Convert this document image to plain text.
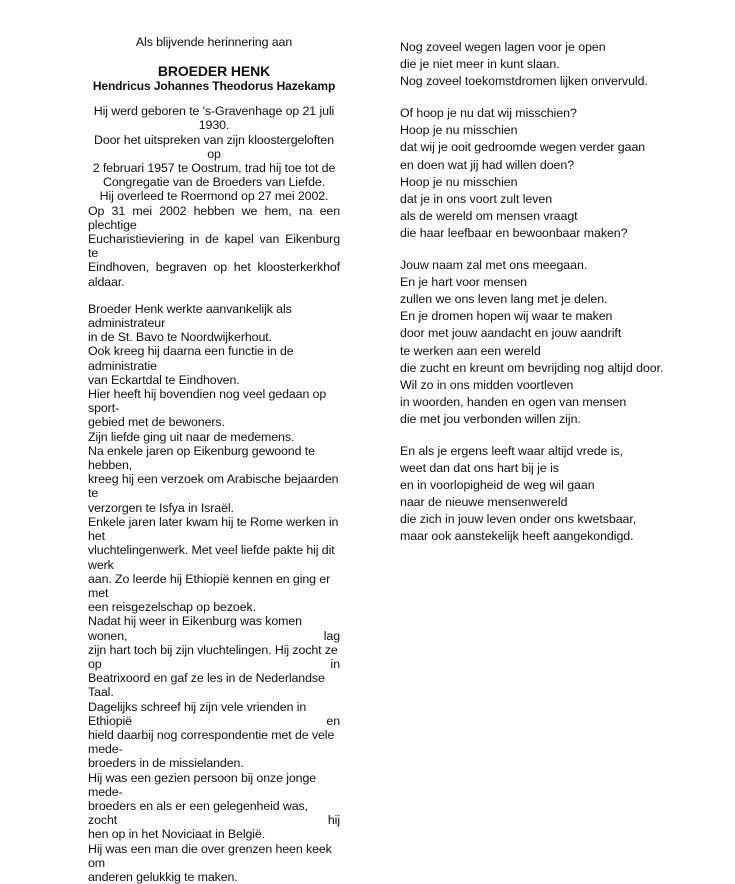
Als blijvende herinnering aan
BROEDER HENK
Hendricus Johannes Theodorus Hazekamp
Hij werd geboren te 's-Gravenhage op 21 juli 1930.
Door het uitspreken van zijn kloostergeloften op
2 februari 1957 te Oostrum, trad hij toe tot de
Congregatie van de Broeders van Liefde.
Hij overleed te Roermond op 27 mei 2002.
Op 31 mei 2002 hebben we hem, na een plechtige
Eucharistieviering in de kapel van Eikenburg te
Eindhoven, begraven op het kloosterkerkhof aldaar.
Broeder Henk werkte aanvankelijk als administrateur
in de St. Bavo te Noordwijkerhout.
Ook kreeg hij daarna een functie in de administratie
van Eckartdal te Eindhoven.
Hier heeft hij bovendien nog veel gedaan op sport-
gebied met de bewoners.
Zijn liefde ging uit naar de medemens.
Na enkele jaren op Eikenburg gewoond te hebben,
kreeg hij een verzoek om Arabische bejaarden te
verzorgen te Isfya in Israël.
Enkele jaren later kwam hij te Rome werken in het
vluchtelingenwerk. Met veel liefde pakte hij dit werk
aan. Zo leerde hij Ethiopië kennen en ging er met
een reisgezelschap op bezoek.
Nadat hij weer in Eikenburg was komen wonen, lag
zijn hart toch bij zijn vluchtelingen. Hij zocht ze op in
Beatrixoord en gaf ze les in de Nederlandse Taal.
Dagelijks schreef hij zijn vele vrienden in Ethiopië en
hield daarbij nog correspondentie met de vele mede-
broeders in de missielanden.
Hij was een gezien persoon bij onze jonge mede-
broeders en als er een gelegenheid was, zocht hij
hen op in het Noviciaat in België.
Hij was een man die over grenzen heen keek om
anderen gelukkig te maken.
Nog zoveel wegen lagen voor je open
die je niet meer in kunt slaan.
Nog zoveel toekomstdromen lijken onvervuld.
Of hoop je nu dat wij misschien?
Hoop je nu misschien
dat wij je ooit gedroomde wegen verder gaan
en doen wat jij had willen doen?
Hoop je nu misschien
dat je in ons voort zult leven
als de wereld om mensen vraagt
die haar leefbaar en bewoonbaar maken?
Jouw naam zal met ons meegaan.
En je hart voor mensen
zullen we ons leven lang met je delen.
En je dromen hopen wij waar te maken
door met jouw aandacht en jouw aandrift
te werken aan een wereld
die zucht en kreunt om bevrijding nog altijd door.
Wil zo in ons midden voortleven
in woorden, handen en ogen van mensen
die met jou verbonden willen zijn.
En als je ergens leeft waar altijd vrede is,
weet dan dat ons hart bij je is
en in voorlopigheid de weg wil gaan
naar de nieuwe mensenwereld
die zich in jouw leven onder ons kwetsbaar,
maar ook aanstekelijk heeft aangekondigd.
